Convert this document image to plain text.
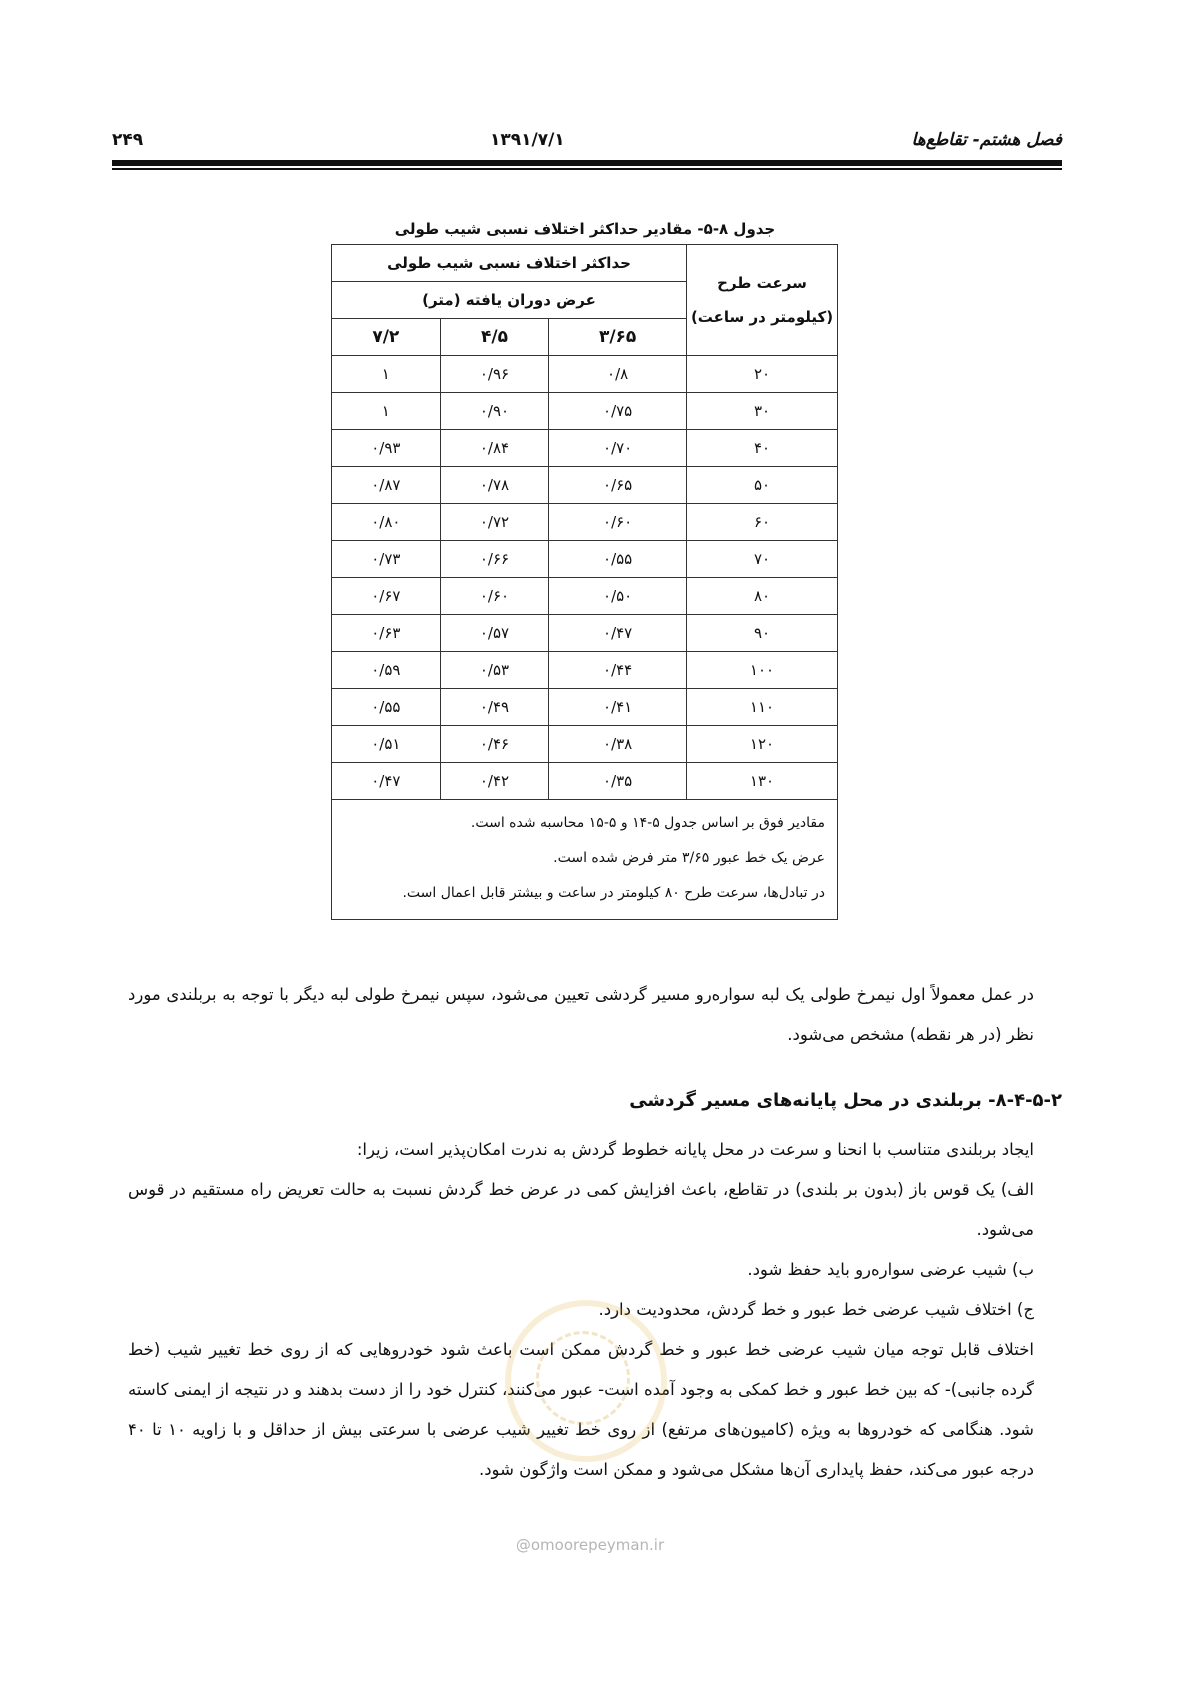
فصل هشتم- تقاطع‌ها
۱۳۹۱/۷/۱
۲۴۹
جدول ۸-۵- مقادیر حداکثر اختلاف نسبی شیب طولی
سرعت طرح
(کیلومتر در ساعت)	حداکثر اختلاف نسبی شیب طولی		
	عرض دوران یافته (متر)		
	۳/۶۵	۴/۵	۷/۲
۲۰	۰/۸	۰/۹۶	۱
۳۰	۰/۷۵	۰/۹۰	۱
۴۰	۰/۷۰	۰/۸۴	۰/۹۳
۵۰	۰/۶۵	۰/۷۸	۰/۸۷
۶۰	۰/۶۰	۰/۷۲	۰/۸۰
۷۰	۰/۵۵	۰/۶۶	۰/۷۳
۸۰	۰/۵۰	۰/۶۰	۰/۶۷
۹۰	۰/۴۷	۰/۵۷	۰/۶۳
۱۰۰	۰/۴۴	۰/۵۳	۰/۵۹
۱۱۰	۰/۴۱	۰/۴۹	۰/۵۵
۱۲۰	۰/۳۸	۰/۴۶	۰/۵۱
۱۳۰	۰/۳۵	۰/۴۲	۰/۴۷

مقادیر فوق بر اساس جدول ۵-۱۴ و ۵-۱۵ محاسبه شده است.
عرض یک خط عبور ۳/۶۵ متر فرض شده است.
در تبادل‌ها، سرعت طرح ۸۰ کیلومتر در ساعت و بیشتر قابل اعمال است.			

در عمل معمولاً اول نیمرخ طولی یک لبه سواره‌رو مسیر گردشی تعیین می‌شود، سپس نیمرخ طولی لبه دیگر با توجه به بربلندی مورد نظر (در هر نقطه) مشخص می‌شود.

۸-۴-۵-۲- بربلندی در محل پایانه‌های مسیر گردشی

ایجاد بربلندی متناسب با انحنا و سرعت در محل پایانه خطوط گردش به ندرت امکان‌پذیر است، زیرا:

الف) یک قوس باز (بدون بر بلندی) در تقاطع، باعث افزایش کمی در عرض خط گردش نسبت به حالت تعریض راه مستقیم در قوس می‌شود.

ب) شیب عرضی سواره‌رو باید حفظ شود.

ج) اختلاف شیب عرضی خط عبور و خط گردش، محدودیت دارد.

اختلاف قابل توجه میان شیب عرضی خط عبور و خط گردش ممکن است باعث شود خودروهایی که از روی خط تغییر شیب (خط گرده جانبی)- که بین خط عبور و خط کمکی به وجود آمده است- عبور می‌کنند، کنترل خود را از دست بدهند و در نتیجه از ایمنی کاسته شود. هنگامی که خودروها به ویژه (کامیون‌های مرتفع) از روی خط تغییر شیب عرضی با سرعتی بیش از حداقل و با زاویه ۱۰ تا ۴۰ درجه عبور می‌کند، حفظ پایداری آن‌ها مشکل می‌شود و ممکن است واژگون شود.

@omoorepeyman.ir
